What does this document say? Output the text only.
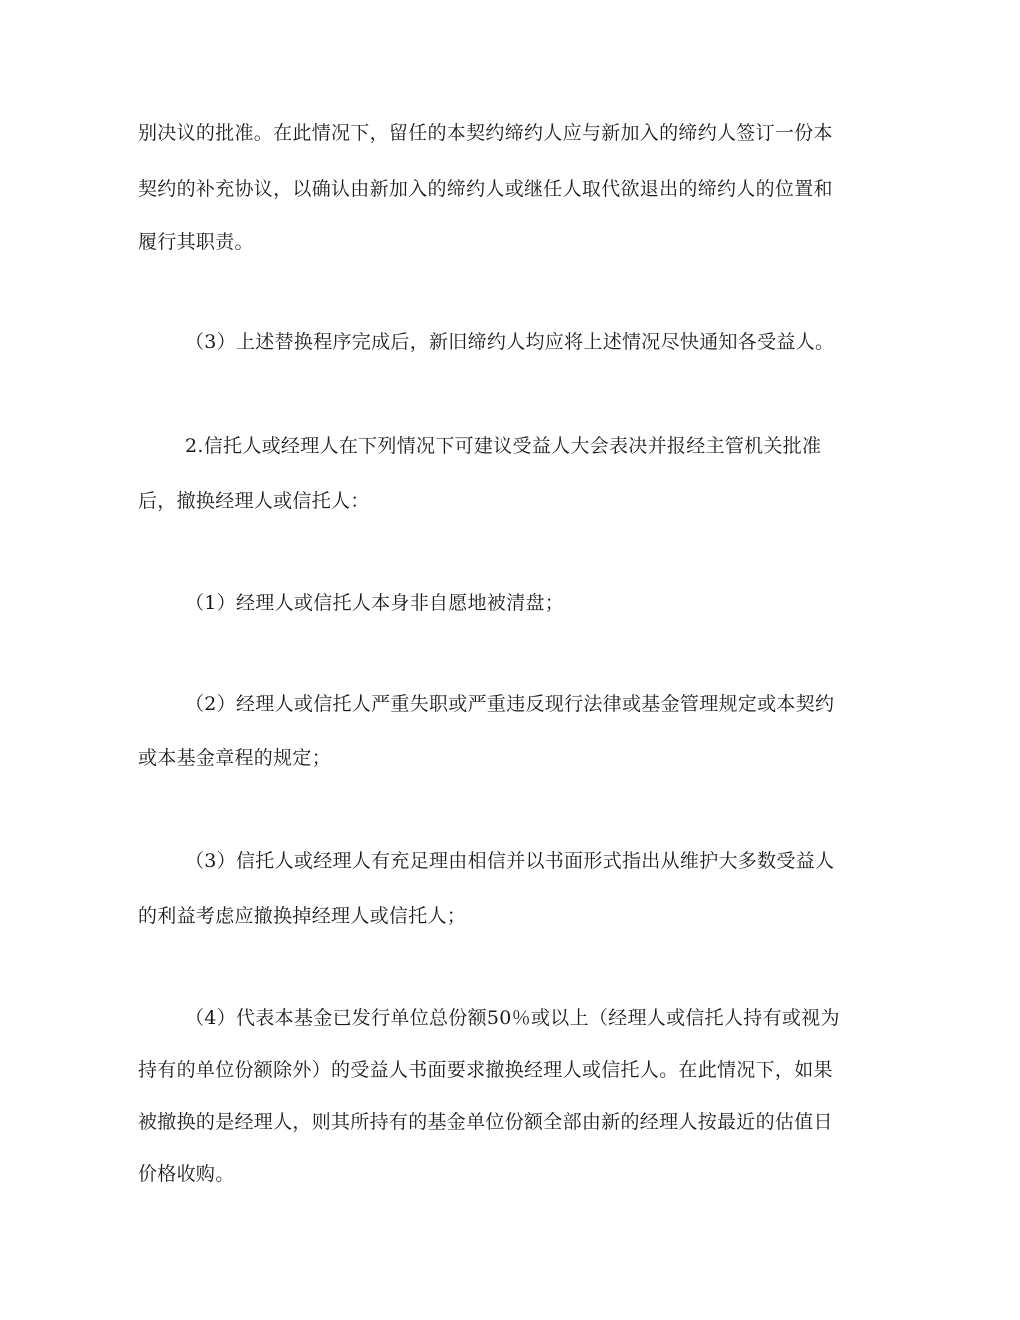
别决议的批准。在此情况下，留任的本契约缔约人应与新加入的缔约人签订一份本

契约的补充协议，以确认由新加入的缔约人或继任人取代欲退出的缔约人的位置和

履行其职责。

（3）上述替换程序完成后，新旧缔约人均应将上述情况尽快通知各受益人。

2.信托人或经理人在下列情况下可建议受益人大会表决并报经主管机关批准

后，撤换经理人或信托人：

（1）经理人或信托人本身非自愿地被清盘；

（2）经理人或信托人严重失职或严重违反现行法律或基金管理规定或本契约

或本基金章程的规定；

（3）信托人或经理人有充足理由相信并以书面形式指出从维护大多数受益人

的利益考虑应撤换掉经理人或信托人；

（4）代表本基金已发行单位总份额50％或以上（经理人或信托人持有或视为

持有的单位份额除外）的受益人书面要求撤换经理人或信托人。在此情况下，如果

被撤换的是经理人，则其所持有的基金单位份额全部由新的经理人按最近的估值日

价格收购。
